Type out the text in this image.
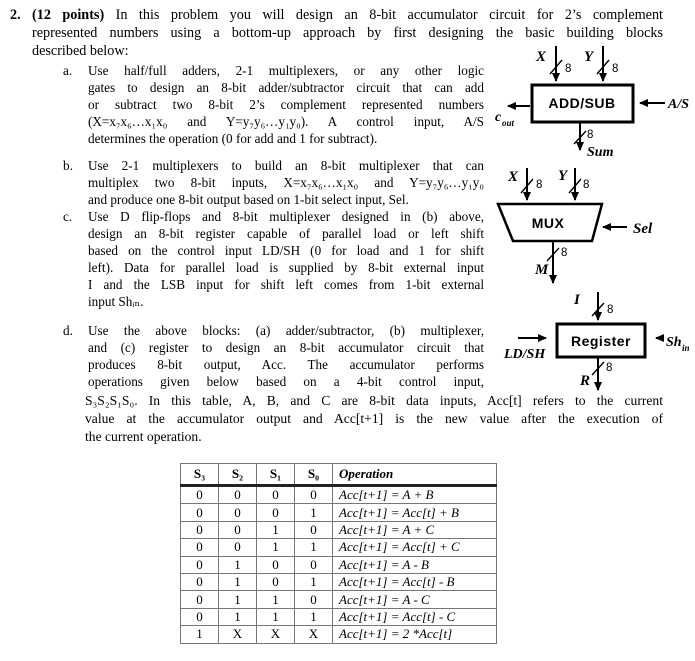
2. (12 points) In this problem you will design an 8-bit accumulator circuit for 2’s complement
represented numbers using a bottom-up approach by first designing the basic building blocks
described below:
a. Use half/full adders, 2-1 multiplexers, or any other logic
gates to design an 8-bit adder/subtractor circuit that can add
or subtract two 8-bit 2’s complement represented numbers
(X=x₇x₆…x₁x₀ and Y=y₇y₆…y₁y₀). A control input, A/S
determines the operation (0 for add and 1 for subtract).
b. Use 2-1 multiplexers to build an 8-bit multiplexer that can
multiplex two 8-bit inputs, X=x₇x₆…x₁x₀ and Y=y₇y₆…y₁y₀
and produce one 8-bit output based on 1-bit select input, Sel.
c. Use D flip-flops and 8-bit multiplexer designed in (b) above,
design an 8-bit register capable of parallel load or left shift
based on the control input LD/SH (0 for load and 1 for shift
left). Data for parallel load is supplied by 8-bit external input
I and the LSB input for shift left comes from 1-bit external
input Shᵢₙ.
d. Use the above blocks: (a) adder/subtractor, (b) multiplexer,
and (c) register to design an 8-bit accumulator circuit that
produces 8-bit output, Acc. The accumulator performs
operations given below based on a 4-bit control input,
S₃S₂S₁S₀. In this table, A, B, and C are 8-bit data inputs, Acc[t] refers to the current
value at the accumulator output and Acc[t+1] is the new value after the execution of
the current operation.
X
8
Y
8
ADD/SUB	A/S
c out
8
Sum
X 8
Y
8
MUX	Sel
8
M
I
8
Register
LD/SH
Sh in
8
R
S₃	S₂	S₁	S₀	Operation
0	0	0	0	Acc[t+1] = A + B
0	0	0	1	Acc[t+1] = Acc[t] + B
0	0	1	0	Acc[t+1] = A + C
0	0	1	1	Acc[t+1] = Acc[t] + C
0	1	0	0	Acc[t+1] = A - B
0	1	0	1	Acc[t+1] = Acc[t] - B
0	1	1	0	Acc[t+1] = A - C
0	1	1	1	Acc[t+1] = Acc[t] - C
1	X	X	X	Acc[t+1] = 2 *Acc[t]
